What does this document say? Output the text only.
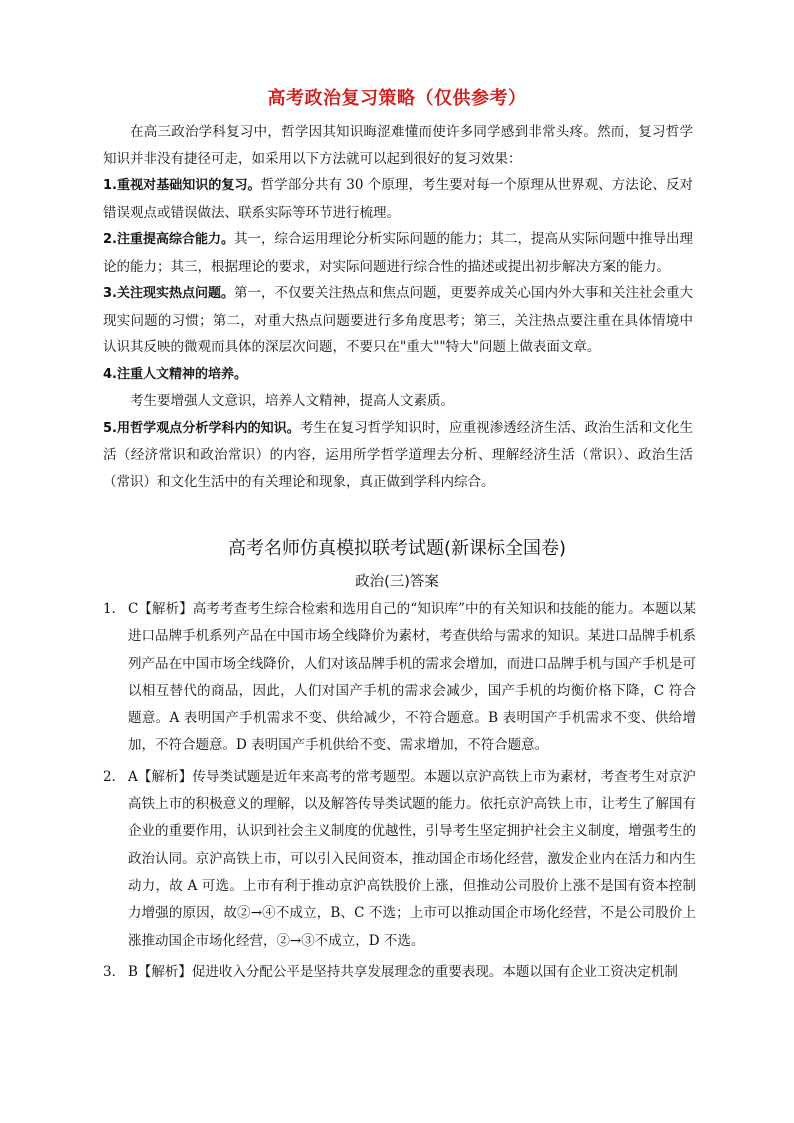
高考政治复习策略（仅供参考）

在高三政治学科复习中，哲学因其知识晦涩难懂而使许多同学感到非常头疼。然而，复习哲学知识并非没有捷径可走，如采用以下方法就可以起到很好的复习效果：

1.重视对基础知识的复习。哲学部分共有 30 个原理，考生要对每一个原理从世界观、方法论、反对错误观点或错误做法、联系实际等环节进行梳理。

2.注重提高综合能力。其一，综合运用理论分析实际问题的能力；其二，提高从实际问题中推导出理论的能力；其三，根据理论的要求，对实际问题进行综合性的描述或提出初步解决方案的能力。

3.关注现实热点问题。第一，不仅要关注热点和焦点问题，更要养成关心国内外大事和关注社会重大现实问题的习惯；第二，对重大热点问题要进行多角度思考；第三，关注热点要注重在具体情境中认识其反映的微观而具体的深层次问题，不要只在"重大""特大"问题上做表面文章。

4.注重人文精神的培养。

考生要增强人文意识，培养人文精神，提高人文素质。

5.用哲学观点分析学科内的知识。考生在复习哲学知识时，应重视渗透经济生活、政治生活和文化生活（经济常识和政治常识）的内容，运用所学哲学道理去分析、理解经济生活（常识）、政治生活（常识）和文化生活中的有关理论和现象，真正做到学科内综合。

高考名师仿真模拟联考试题(新课标全国卷)
政治(三)答案
1． C【解析】高考考查考生综合检索和选用自己的“知识库”中的有关知识和技能的能力。本题以某进口品牌手机系列产品在中国市场全线降价为素材，考查供给与需求的知识。某进口品牌手机系列产品在中国市场全线降价，人们对该品牌手机的需求会增加，而进口品牌手机与国产手机是可以相互替代的商品，因此，人们对国产手机的需求会减少，国产手机的均衡价格下降，C 符合题意。A 表明国产手机需求不变、供给减少，不符合题意。B 表明国产手机需求不变、供给增加，不符合题意。D 表明国产手机供给不变、需求增加，不符合题意。
2． A【解析】传导类试题是近年来高考的常考题型。本题以京沪高铁上市为素材，考查考生对京沪高铁上市的积极意义的理解，以及解答传导类试题的能力。依托京沪高铁上市，让考生了解国有企业的重要作用，认识到社会主义制度的优越性，引导考生坚定拥护社会主义制度，增强考生的政治认同。京沪高铁上市，可以引入民间资本，推动国企市场化经营，激发企业内在活力和内生动力，故 A 可选。上市有利于推动京沪高铁股价上涨，但推动公司股价上涨不是国有资本控制力增强的原因，故②→④不成立，B、C 不选；上市可以推动国企市场化经营，不是公司股价上涨推动国企市场化经营，②→③不成立，D 不选。
3． B【解析】促进收入分配公平是坚持共享发展理念的重要表现。本题以国有企业工资决定机制
